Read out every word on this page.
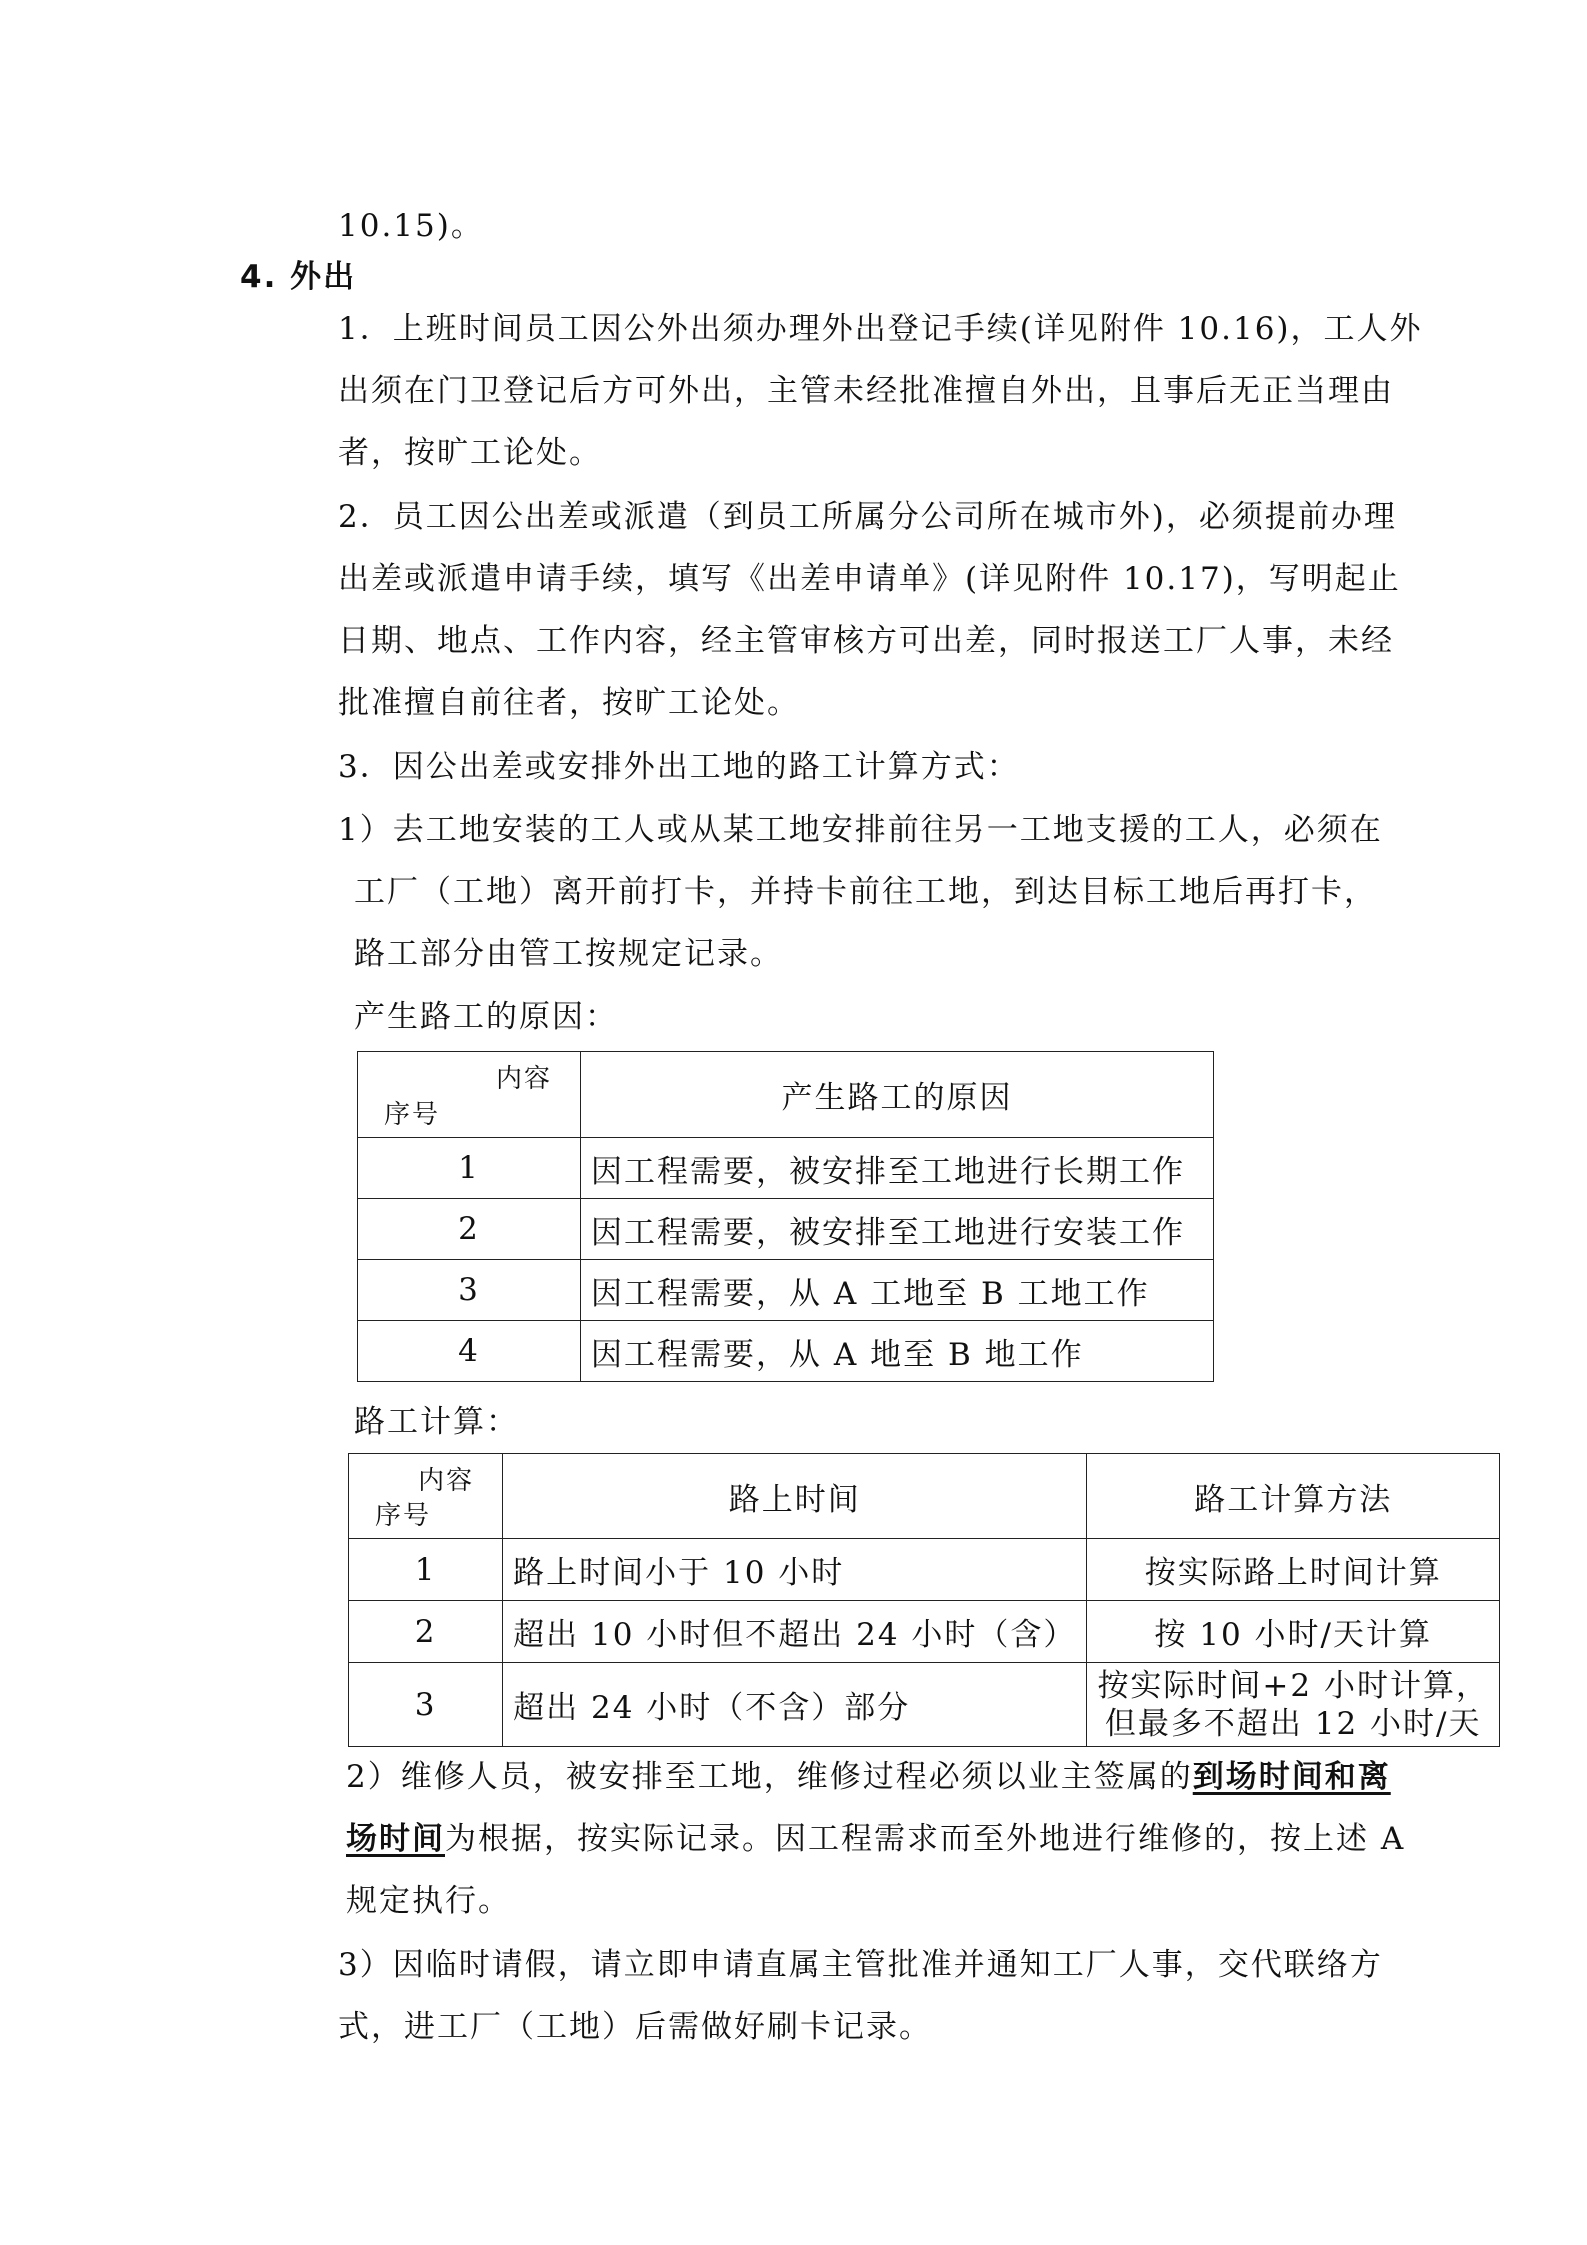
10.15)。
4. 外出
1．上班时间员工因公外出须办理外出登记手续(详见附件 10.16)，工人外
出须在门卫登记后方可外出，主管未经批准擅自外出，且事后无正当理由
者，按旷工论处。
2．员工因公出差或派遣（到员工所属分公司所在城市外)，必须提前办理
出差或派遣申请手续，填写《出差申请单》(详见附件 10.17)，写明起止
日期、地点、工作内容，经主管审核方可出差，同时报送工厂人事，未经
批准擅自前往者，按旷工论处。
3．因公出差或安排外出工地的路工计算方式：
1）去工地安装的工人或从某工地安排前往另一工地支援的工人，必须在
工厂（工地）离开前打卡，并持卡前往工地，到达目标工地后再打卡，
路工部分由管工按规定记录。
产生路工的原因：
内容
序号	产生路工的原因
1	因工程需要，被安排至工地进行长期工作
2	因工程需要，被安排至工地进行安装工作
3	因工程需要，从 A 工地至 B 工地工作
4	因工程需要，从 A 地至 B 地工作
路工计算：
内容
序号	路上时间	路工计算方法
1	路上时间小于 10 小时	按实际路上时间计算
2	超出 10 小时但不超出 24 小时（含）	按 10 小时/天计算
3	超出 24 小时（不含）部分	按实际时间+2 小时计算，
但最多不超出 12 小时/天
2）维修人员，被安排至工地，维修过程必须以业主签属的到场时间和离
场时间为根据，按实际记录。因工程需求而至外地进行维修的，按上述 A
规定执行。
3）因临时请假，请立即申请直属主管批准并通知工厂人事，交代联络方
式，进工厂（工地）后需做好刷卡记录。
